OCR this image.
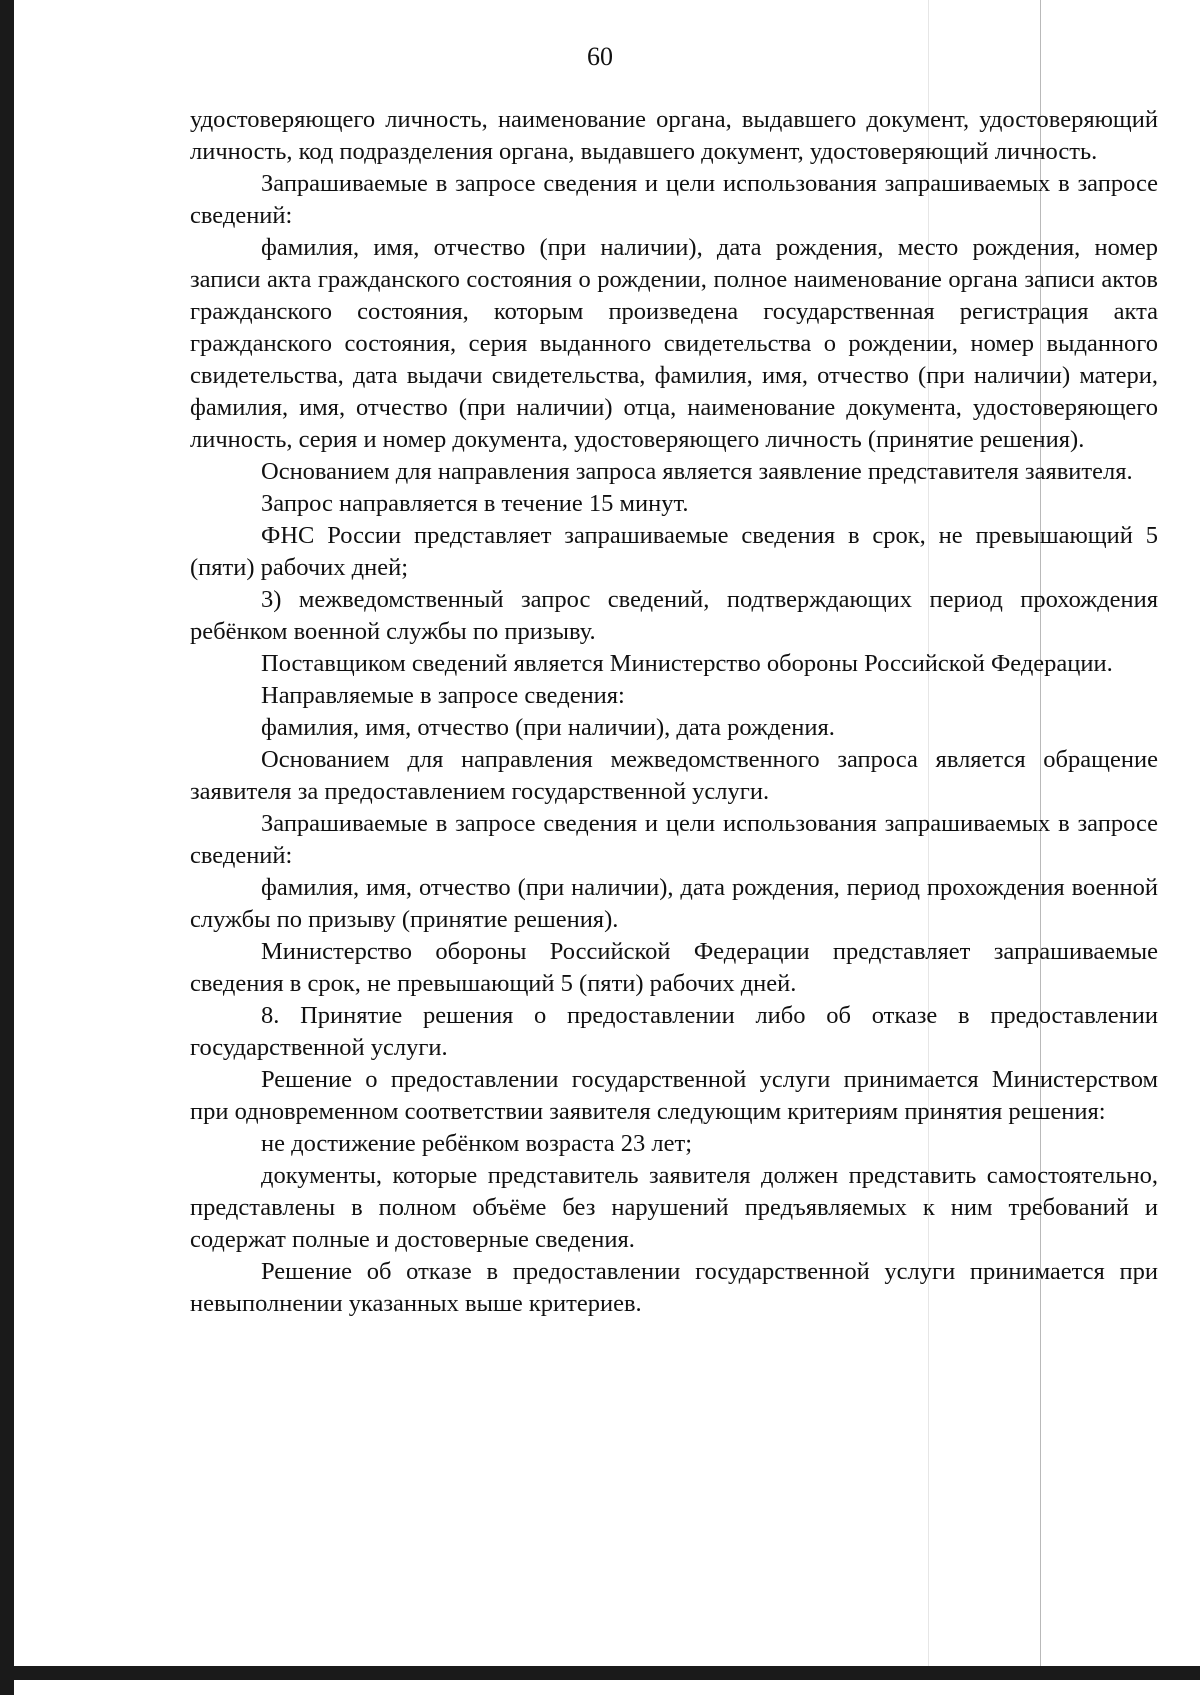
60

удостоверяющего личность, наименование органа, выдавшего документ, удостоверяющий личность, код подразделения органа, выдавшего документ, удостоверяющий личность.

Запрашиваемые в запросе сведения и цели использования запрашиваемых в запросе сведений:

фамилия, имя, отчество (при наличии), дата рождения, место рождения, номер записи акта гражданского состояния о рождении, полное наименование органа записи актов гражданского состояния, которым произведена государственная регистрация акта гражданского состояния, серия выданного свидетельства о рождении, номер выданного свидетельства, дата выдачи свидетельства, фамилия, имя, отчество (при наличии) матери, фамилия, имя, отчество (при наличии) отца, наименование документа, удостоверяющего личность, серия и номер документа, удостоверяющего личность (принятие решения).

Основанием для направления запроса является заявление представителя заявителя.

Запрос направляется в течение 15 минут.

ФНС России представляет запрашиваемые сведения в срок, не превышающий 5 (пяти) рабочих дней;

3) межведомственный запрос сведений, подтверждающих период прохождения ребёнком военной службы по призыву.

Поставщиком сведений является Министерство обороны Российской Федерации.

Направляемые в запросе сведения:

фамилия, имя, отчество (при наличии), дата рождения.

Основанием для направления межведомственного запроса является обращение заявителя за предоставлением государственной услуги.

Запрашиваемые в запросе сведения и цели использования запрашиваемых в запросе сведений:

фамилия, имя, отчество (при наличии), дата рождения, период прохождения военной службы по призыву (принятие решения).

Министерство обороны Российской Федерации представляет запрашиваемые сведения в срок, не превышающий 5 (пяти) рабочих дней.

8. Принятие решения о предоставлении либо об отказе в предоставлении государственной услуги.

Решение о предоставлении государственной услуги принимается Министерством при одновременном соответствии заявителя следующим критериям принятия решения:

не достижение ребёнком возраста 23 лет;

документы, которые представитель заявителя должен представить самостоятельно, представлены в полном объёме без нарушений предъявляемых к ним требований и содержат полные и достоверные сведения.

Решение об отказе в предоставлении государственной услуги принимается при невыполнении указанных выше критериев.
